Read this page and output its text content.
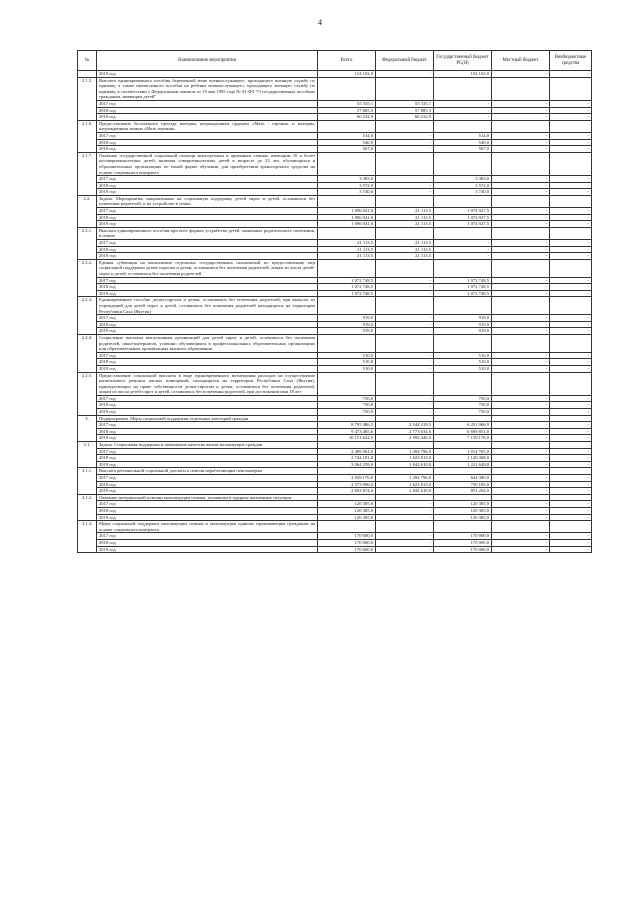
4
№	Наименование мероприятия	Всего	Федеральный бюджет	Государственный бюджет РС(Я)	Местный бюджет	Внебюджетные средства
	2019 год	154 102,0	-	154 102,0	-	-
2.1.5.	Выплата единовременного пособия беременной жене военнослужащего, проходящего военную службу по призыву, а также ежемесячного пособия на ребенка военнослужащего, проходящего военную службу по призыву, в соответствии с Федеральным законом от 19 мая 1995 года № 81-ФЗ "О государственных пособиях гражданам, имеющим детей"					
	2017 год	55 335,1	55 335,1	-	-	-
	2018 год	57 885,3	57 885,3	-	-	-
	2019 год	60 232,9	60 232,9	-	-	-
2.1.6.	Предоставление бесплатного проезда матерям, награжденным орденом «Мать - героиня, и матерям, награжденным знаком «Мать героиня»					
	2017 год	514,0	-	514,0	-	-
	2018 год	540,0	-	540,0	-	-
	2019 год	567,0	-	567,0	-	-
2.1.7.	Оказание государственной социальной помощи многодетным и приемным семьям, имеющим 10 и более несовершеннолетних детей, включая совершеннолетних детей в возрасте до 23 лет, обучающихся в образовательных организациях по очной форме обучения, для приобретения транспортного средства на основе социального контракта					
	2017 год	3 383,0	-	3 383,0	-	-
	2018 год	3 572,0	-	3 572,0	-	-
	2019 год	3 740,0	-	3 740,0	-	-
2.2.	Задача. Мероприятия, направленные на социальную поддержку детей сирот и детей, оставшихся без попечения родителей, и их устройство в семьи					
	2017 год	1 096 041,0	21 113,5	1 074 927,5	-	-
	2018 год	1 096 041,0	21 113,5	1 074 927,5	-	-
	2019 год	1 096 041,0	21 113,5	1 074 927,5	-	-
2.2.1.	Выплата единовременного пособия при всех формах устройства детей, лишенных родительского попечения, в семью					
	2017 год	21 113,5	21 113,5	-	-	-
	2018 год	21 113,5	21 113,5	-	-	-
	2019 год	21 113,5	21 113,5	-	-	-
2.2.2.	Единая субвенция на выполнение отдельных государственных полномочий по предоставлению мер социальной поддержки детям-сиротам и детям, оставшимся без попечения родителей, лицам из числа детей-сирот и детей, оставшихся без попечения родителей					
	2017 год	1 072 748,5	-	1 072 748,5	-	-
	2018 год	1 072 748,5	-	1 072 748,5	-	-
	2019 год	1 072 748,5	-	1 072 748,5	-	-
2.2.3.	Единовременное пособие детям-сиротам и детям, оставшимся без попечения родителей, при выпуске из учреждений для детей сирот и детей, оставшихся без попечения родителей находящихся на территории Республики Саха (Якутия)					
	2017 год	919,0	-	919,0	-	-
	2018 год	919,0	-	919,0	-	-
	2019 год	919,0	-	919,0	-	-
2.2.4.	Социальные выплаты выпускникам организаций для детей сирот и детей, оставшихся без попечения родителей, школ-интернатов, успешно обучающимся в профессиональных образовательных организациях или образовательных организациях высшего образования					
	2017 год	510,0	-	510,0	-	-
	2018 год	510,0	-	510,0	-	-
	2019 год	510,0	-	510,0	-	-
2.2.5.	Предоставление социальной выплаты в виде единовременного возмещения расходов на осуществление капитального ремонта жилых помещений, находящихся на территории Республики Саха (Якутия), принадлежащих на праве собственности детям-сиротам и детям, оставшимся без попечения родителей, лицам из числа детей-сирот и детей, оставшихся без попечения родителей, при достижении ими 18 лет					
	2017 год	750,0	-	750,0	-	-
	2018 год	750,0	-	750,0	-	-
	2019 год	750,0	-	750,0	-	-
3.	Подпрограмма. Меры социальной поддержки отдельных категорий граждан					
	2017 год	8 795 486,5	2 544 419,5	6 251 066,9	-	-
	2018 год	9 473 485,6	2 773 634,6	6 699 851,0	-	-
	2019 год	10 151 622,5	2 992 446,5	7 159 176,0	-	-
3.1.	Задача. Социальная поддержка и повышение качества жизни малоимущих граждан					
	2017 год	2 409 561,0	1 394 796,0	1 014 765,0	-	-
	2018 год	2 744 181,0	1 623 813,0	1 120 368,0	-	-
	2019 год	3 064 259,0	1 842 610,0	1 221 649,0	-	-
3.1.1.	Выплата региональной социальной доплаты к пенсии неработающим пенсионерам					
	2017 год	2 039 176,0	1 394 796,0	644 380,0	-	-
	2018 год	2 373 996,0	1 623 813,0	750 183,0	-	-
	2019 год	2 693 874,0	1 842 610,0	851 264,0	-	-
3.1.2.	Оказание материальной помощи малоимущим семьям, попавшим в трудные жизненные ситуации					
	2017 год	120 385,0	-	120 385,0	-	-
	2018 год	120 385,0	-	120 385,0	-	-
	2019 год	120 385,0	-	120 385,0	-	-
3.1.3.	Меры социальной поддержки малоимущим семьям и малоимущим одиноко проживающим гражданам на основе социального контракта					
	2017 год	170 000,0	-	170 000,0	-	-
	2018 год	170 000,0	-	170 000,0	-	-
	2019 год	170 000,0	-	170 000,0	-	-
